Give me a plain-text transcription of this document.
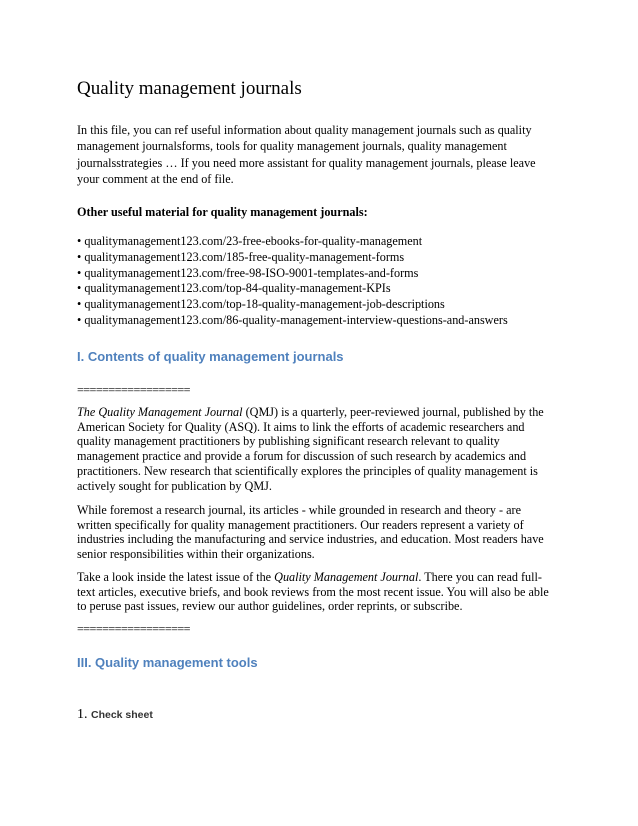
Quality management journals
In this file, you can ref useful information about quality management journals such as quality
management journalsforms, tools for quality management journals, quality management
journalsstrategies … If you need more assistant for quality management journals, please leave
your comment at the end of file.
Other useful material for quality management journals:
• qualitymanagement123.com/23-free-ebooks-for-quality-management
• qualitymanagement123.com/185-free-quality-management-forms
• qualitymanagement123.com/free-98-ISO-9001-templates-and-forms
• qualitymanagement123.com/top-84-quality-management-KPIs
• qualitymanagement123.com/top-18-quality-management-job-descriptions
• qualitymanagement123.com/86-quality-management-interview-questions-and-answers
I. Contents of quality management journals
==================
The Quality Management Journal (QMJ) is a quarterly, peer-reviewed journal, published by the
American Society for Quality (ASQ). It aims to link the efforts of academic researchers and
quality management practitioners by publishing significant research relevant to quality
management practice and provide a forum for discussion of such research by academics and
practitioners. New research that scientifically explores the principles of quality management is
actively sought for publication by QMJ.
While foremost a research journal, its articles - while grounded in research and theory - are
written specifically for quality management practitioners. Our readers represent a variety of
industries including the manufacturing and service industries, and education. Most readers have
senior responsibilities within their organizations.
Take a look inside the latest issue of the Quality Management Journal. There you can read full-
text articles, executive briefs, and book reviews from the most recent issue. You will also be able
to peruse past issues, review our author guidelines, order reprints, or subscribe.
==================
III. Quality management tools
1. Check sheet
